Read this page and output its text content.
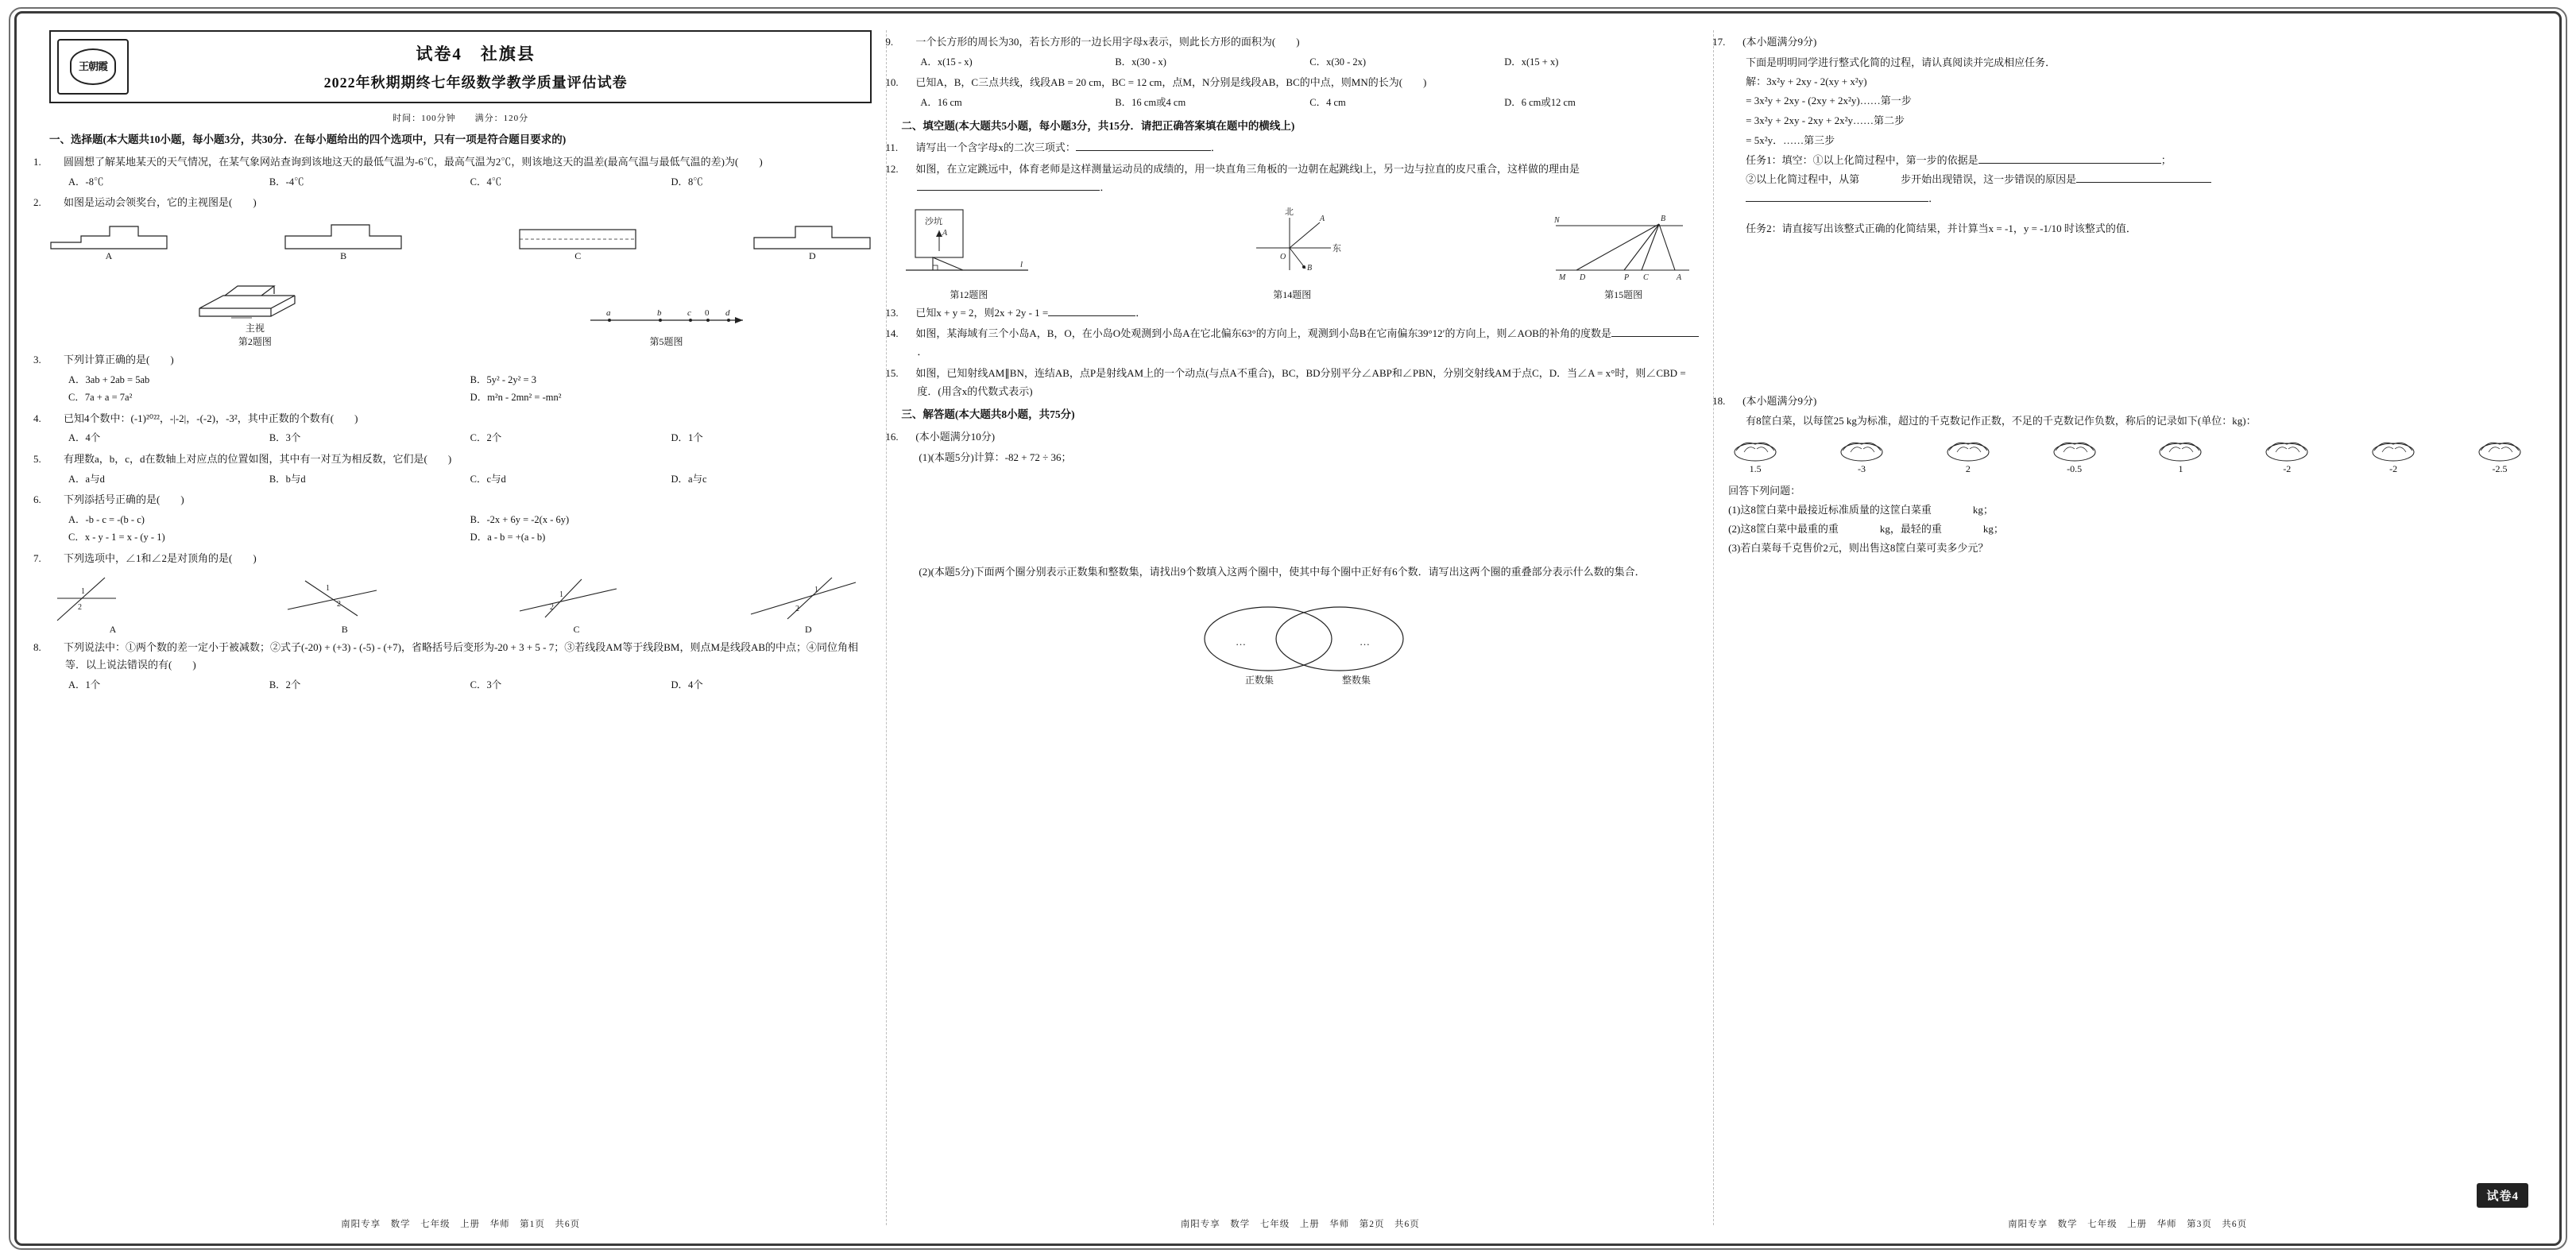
王朝霞
试卷4　社旗县
2022年秋期期终七年级数学教学质量评估试卷
时间：100分钟　　满分：120分
一、选择题(本大题共10小题，每小题3分，共30分．在每小题给出的四个选项中，只有一项是符合题目要求的)
1. 圆圆想了解某地某天的天气情况，在某气象网站查询到该地这天的最低气温为-6℃，最高气温为2℃，则该地这天的温差(最高气温与最低气温的差)为(　　)
A．-8℃	B．-4℃	C．4℃	D．8℃
2. 如图是运动会领奖台，它的主视图是(　　)
A	B	C	D
主视
第2题图
a	b	c 0 d
第5题图
3. 下列计算正确的是(　　)
A．3ab + 2ab = 5ab	B．5y² - 2y² = 3
C．7a + a = 7a²	D．m²n - 2mn² = -mn²
4. 已知4个数中：(-1)²⁰²²，-|-2|，-(-2)，-3²，其中正数的个数有(　　)
A．4个	B．3个	C．2个	D．1个
5. 有理数a，b，c，d在数轴上对应点的位置如图，其中有一对互为相反数，它们是(　　)
A．a与d	B．b与d	C．c与d	D．a与c
6. 下列添括号正确的是(　　)
A．-b - c = -(b - c)	B．-2x + 6y = -2(x - 6y)
C．x - y - 1 = x - (y - 1)	D．a - b = +(a - b)
7. 下列选项中，∠1和∠2是对顶角的是(　　)
1
2
A
1
2
B
1
2
C
1
2
D
8. 下列说法中：①两个数的差一定小于被减数；②式子(-20) + (+3) - (-5) - (+7)，省略括号后变形为-20 + 3 + 5 - 7；③若线段AM等于线段BM，则点M是线段AB的中点；④同位角相等．以上说法错误的有(　　)
A．1个	B．2个	C．3个	D．4个
南阳专享　数学　七年级　上册　华师　第1页　共6页
9. 一个长方形的周长为30，若长方形的一边长用字母x表示，则此长方形的面积为(　　)
A．x(15 - x)	B．x(30 - x)	C．x(30 - 2x)	D．x(15 + x)
10. 已知A，B，C三点共线，线段AB = 20 cm，BC = 12 cm，点M，N分别是线段AB，BC的中点，则MN的长为(　　)
A．16 cm	B．16 cm或4 cm	C．4 cm	D．6 cm或12 cm
二、填空题(本大题共5小题，每小题3分，共15分．请把正确答案填在题中的横线上)
11. 请写出一个含字母x的二次三项式：	．
12. 如图，在立定跳远中，体育老师是这样测量运动员的成绩的，用一块直角三角板的一边朝在起跳线l上，另一边与拉直的皮尺重合，这样做的理由是．
沙坑
A
l
第12题图
北
东
A
B
O
第14题图
N	B
M D	P C	A
第15题图
13. 已知x + y = 2，则2x + 2y - 1 =	．
14. 如图，某海域有三个小岛A，B，O，在小岛O处观测到小岛A在它北偏东63°的方向上，观测到小岛B在它南偏东39°12′的方向上，则∠AOB的补角的度数是．
15. 如图，已知射线AM∥BN，连结AB，点P是射线AM上的一个动点(与点A不重合)，BC，BD分别平分∠ABP和∠PBN，分别交射线AM于点C，D．当∠A = x°时，则∠CBD = 度．(用含x的代数式表示)
三、解答题(本大题共8小题，共75分)
16. (本小题满分10分)
(1)(本题5分)计算：-82 + 72 ÷ 36；
(2)(本题5分)下面两个圈分别表示正数集和整数集，请找出9个数填入这两个圈中，使其中每个圈中正好有6个数．请写出这两个圈的重叠部分表示什么数的集合．
…	…
正数集	整数集
南阳专享　数学　七年级　上册　华师　第2页　共6页
17. (本小题满分9分)
下面是明明同学进行整式化简的过程，请认真阅读并完成相应任务．
解：3x²y + 2xy - 2(xy + x²y)
= 3x²y + 2xy - (2xy + 2x²y)……第一步
= 3x²y + 2xy - 2xy + 2x²y……第二步
= 5x²y．……第三步
任务1：填空：①以上化简过程中，第一步的依据是	；
②以上化简过程中，从第　　　　步开始出现错误，这一步错误的原因是
．
任务2：请直接写出该整式正确的化简结果，并计算当x = -1，y = -1/10 时该整式的值．
18. (本小题满分9分)
有8筐白菜，以每筐25 kg为标准，超过的千克数记作正数，不足的千克数记作负数，称后的记录如下(单位：kg)：
1.5	-3	2	-0.5	1	-2	-2	-2.5
回答下列问题：
(1)这8筐白菜中最接近标准质量的这筐白菜重　　　　kg；
(2)这8筐白菜中最重的重　　　　kg，最轻的重　　　　kg；
(3)若白菜每千克售价2元，则出售这8筐白菜可卖多少元？
南阳专享　数学　七年级　上册　华师　第3页　共6页
试卷4
